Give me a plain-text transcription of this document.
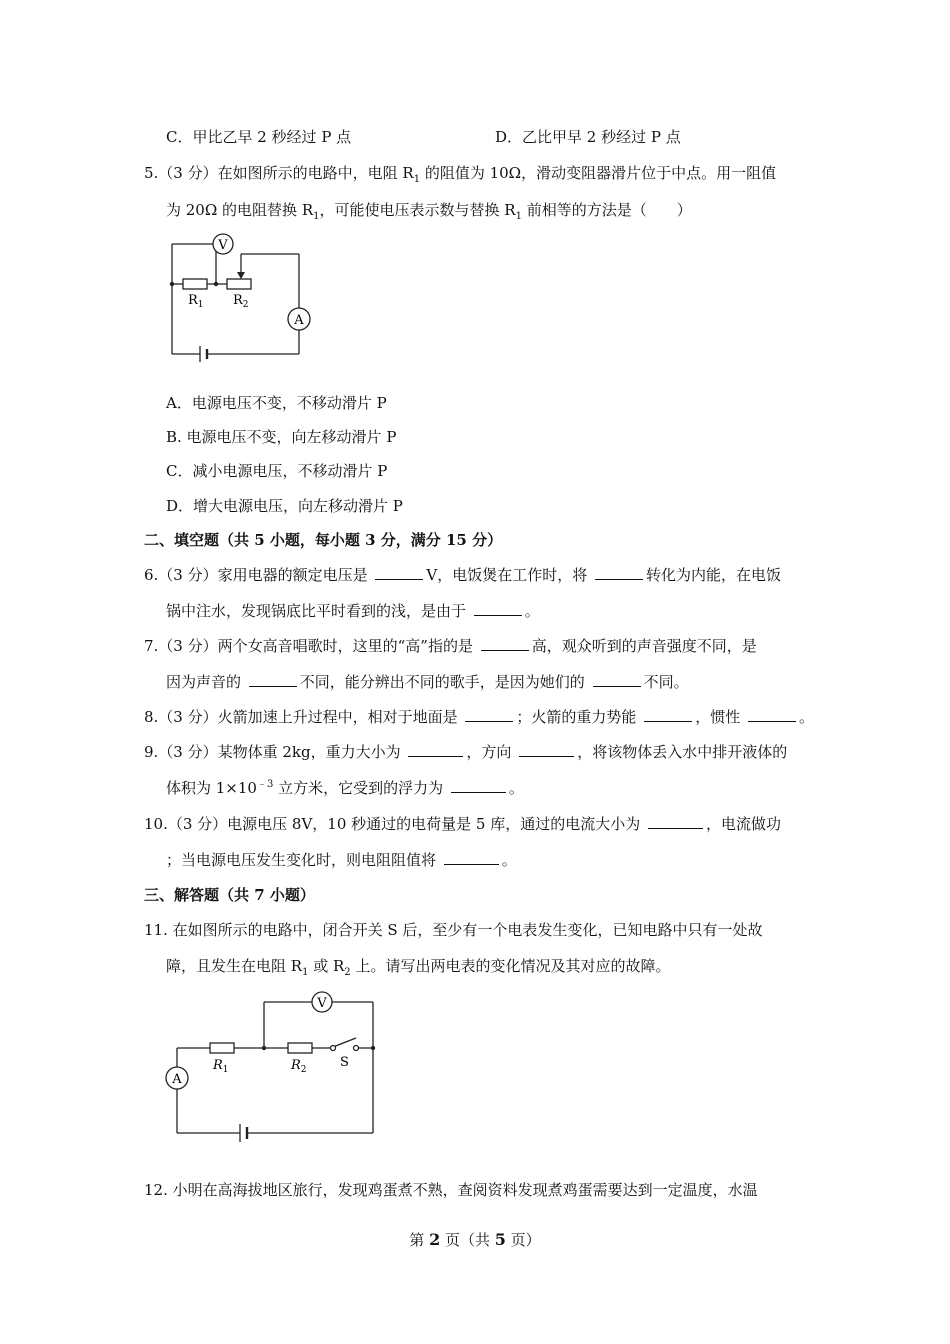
C．甲比乙早 2 秒经过 P 点	D．乙比甲早 2 秒经过 P 点
5.（3 分）在如图所示的电路中，电阻 $R_1$ 的阻值为 10Ω，滑动变阻器滑片位于中点。用一阻值
为 20Ω 的电阻替换 $R_1$，可能使电压表示数与替换 $R_1$ 前相等的方法是（　　）
V
A
$R_1$ $R_2$
A．电源电压不变，不移动滑片 P
B. 电源电压不变，向左移动滑片 P
C．减小电源电压，不移动滑片 P
D．增大电源电压，向左移动滑片 P
二、填空题（共 5 小题，每小题 3 分，满分 15 分）
6.（3 分）家用电器的额定电压是	V，电饭煲在工作时，将	转化为内能，在电饭
锅中注水，发现锅底比平时看到的浅，是由于	。
7.（3 分）两个女高音唱歌时，这里的“高”指的是	高，观众听到的声音强度不同，是
因为声音的	不同，能分辨出不同的歌手，是因为她们的	不同。
8.（3 分）火箭加速上升过程中，相对于地面是	；火箭的重力势能	，惯性	。
9.（3 分）某物体重 2kg，重力大小为	，方向	，将该物体丢入水中排开液体的
体积为 $1\times 10^{﹣3}$ 立方米，它受到的浮力为	。
10.（3 分）电源电压 8V，10 秒通过的电荷量是 5 库，通过的电流大小为	，电流做功
；当电源电压发生变化时，则电阻阻值将	。
三、解答题（共 7 小题）
11. 在如图所示的电路中，闭合开关 S 后，至少有一个电表发生变化，已知电路中只有一处故
障，且发生在电阻 $R_1$ 或 $R_2$ 上。请写出两电表的变化情况及其对应的故障。
V
A
$R_1$	$R_2$	S
12. 小明在高海拔地区旅行，发现鸡蛋煮不熟，查阅资料发现煮鸡蛋需要达到一定温度，水温
第 2 页（共 5 页）
